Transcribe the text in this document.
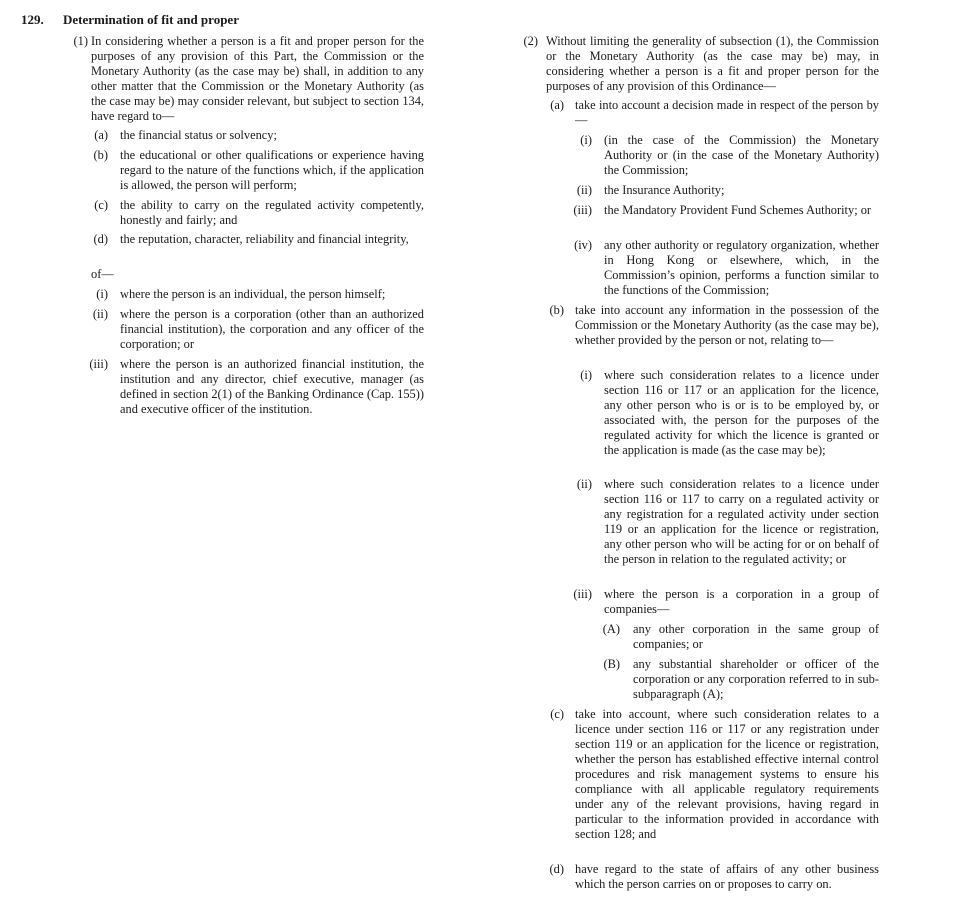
129. Determination of fit and proper
(1) In considering whether a person is a fit and proper person for the purposes of any provision of this Part, the Commission or the Monetary Authority (as the case may be) shall, in addition to any other matter that the Commission or the Monetary Authority (as the case may be) may consider relevant, but subject to section 134, have regard to—
(a) the financial status or solvency;
(b) the educational or other qualifications or experience having regard to the nature of the functions which, if the application is allowed, the person will perform;
(c) the ability to carry on the regulated activity competently, honestly and fairly; and
(d) the reputation, character, reliability and financial integrity,
of—
(i) where the person is an individual, the person himself;
(ii) where the person is a corporation (other than an authorized financial institution), the corporation and any officer of the corporation; or
(iii) where the person is an authorized financial institution, the institution and any director, chief executive, manager (as defined in section 2(1) of the Banking Ordinance (Cap. 155)) and executive officer of the institution.
(2) Without limiting the generality of subsection (1), the Commission or the Monetary Authority (as the case may be) may, in considering whether a person is a fit and proper person for the purposes of any provision of this Ordinance—
(a) take into account a decision made in respect of the person by—
(i) (in the case of the Commission) the Monetary Authority or (in the case of the Monetary Authority) the Commission;
(ii) the Insurance Authority;
(iii) the Mandatory Provident Fund Schemes Authority; or
(iv) any other authority or regulatory organization, whether in Hong Kong or elsewhere, which, in the Commission’s opinion, performs a function similar to the functions of the Commission;
(b) take into account any information in the possession of the Commission or the Monetary Authority (as the case may be), whether provided by the person or not, relating to—
(i) where such consideration relates to a licence under section 116 or 117 or an application for the licence, any other person who is or is to be employed by, or associated with, the person for the purposes of the regulated activity for which the licence is granted or the application is made (as the case may be);
(ii) where such consideration relates to a licence under section 116 or 117 to carry on a regulated activity or any registration for a regulated activity under section 119 or an application for the licence or registration, any other person who will be acting for or on behalf of the person in relation to the regulated activity; or
(iii) where the person is a corporation in a group of companies—
(A) any other corporation in the same group of companies; or
(B) any substantial shareholder or officer of the corporation or any corporation referred to in sub-subparagraph (A);
(c) take into account, where such consideration relates to a licence under section 116 or 117 or any registration under section 119 or an application for the licence or registration, whether the person has established effective internal control procedures and risk management systems to ensure his compliance with all applicable regulatory requirements under any of the relevant provisions, having regard in particular to the information provided in accordance with section 128; and
(d) have regard to the state of affairs of any other business which the person carries on or proposes to carry on.
